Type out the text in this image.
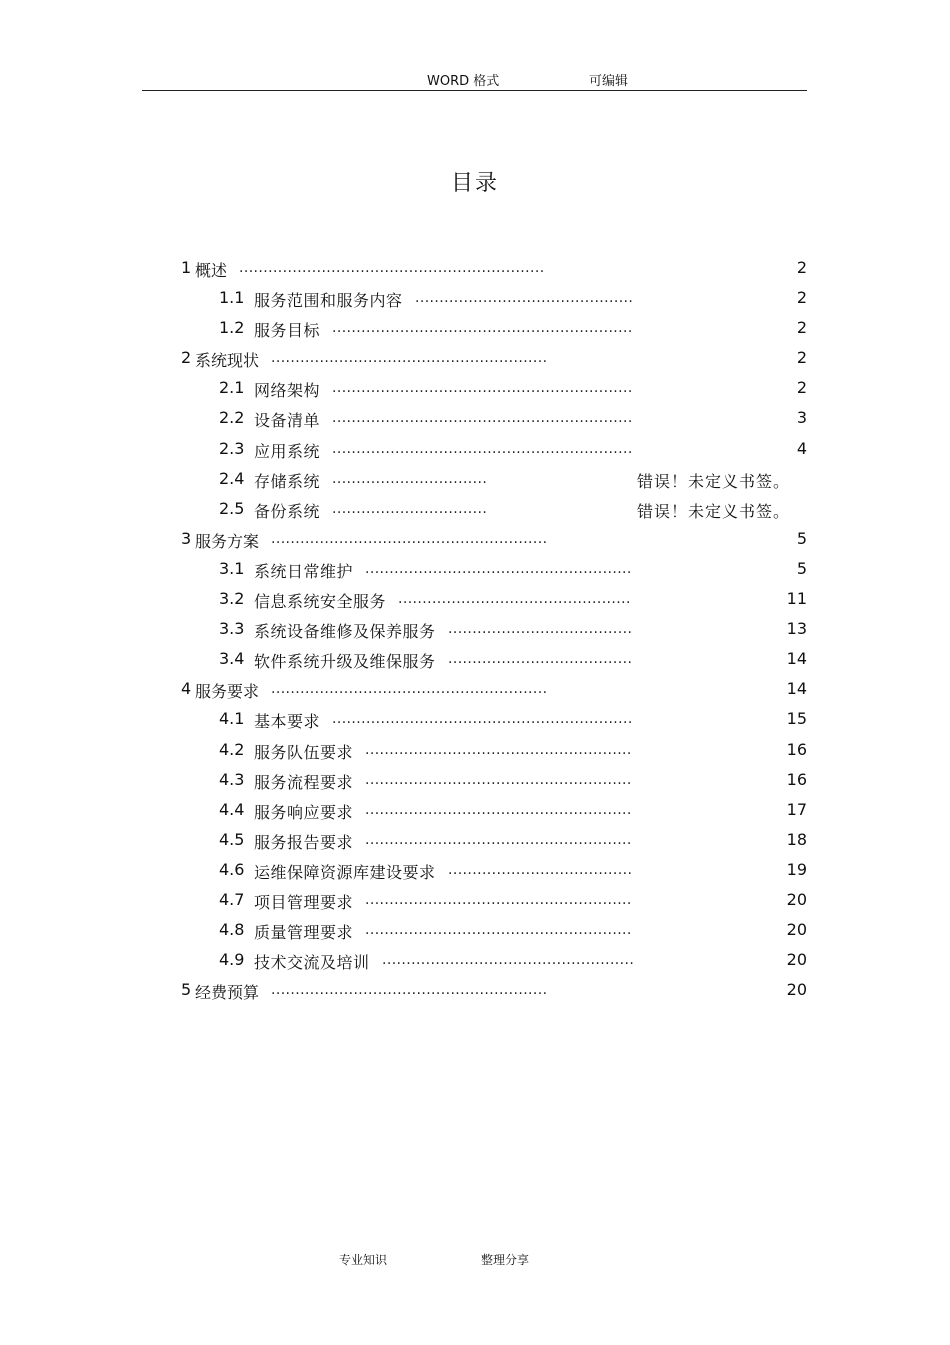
WORD 格式	可编辑
目录
1 概述 ...............................................................	2
1.1 服务范围和服务内容 .............................................	2
1.2 服务目标 ..............................................................	2
2 系统现状 .........................................................	2
2.1 网络架构 ..............................................................	2
2.2 设备清单 ..............................................................	3
2.3 应用系统 ..............................................................	4
2.4 存储系统 ................................	错误！未定义书签。
2.5 备份系统 ................................	错误！未定义书签。
3 服务方案 .........................................................	5
3.1 系统日常维护 .......................................................	5
3.2 信息系统安全服务 ................................................	11
3.3 系统设备维修及保养服务 ......................................	13
3.4 软件系统升级及维保服务 ......................................	14
4 服务要求 .........................................................	14
4.1 基本要求 ..............................................................	15
4.2 服务队伍要求 .......................................................	16
4.3 服务流程要求 .......................................................	16
4.4 服务响应要求 .......................................................	17
4.5 服务报告要求 .......................................................	18
4.6 运维保障资源库建设要求 ......................................	19
4.7 项目管理要求 .......................................................	20
4.8 质量管理要求 .......................................................	20
4.9 技术交流及培训 ....................................................	20
5 经费预算 .........................................................	20
专业知识	整理分享
